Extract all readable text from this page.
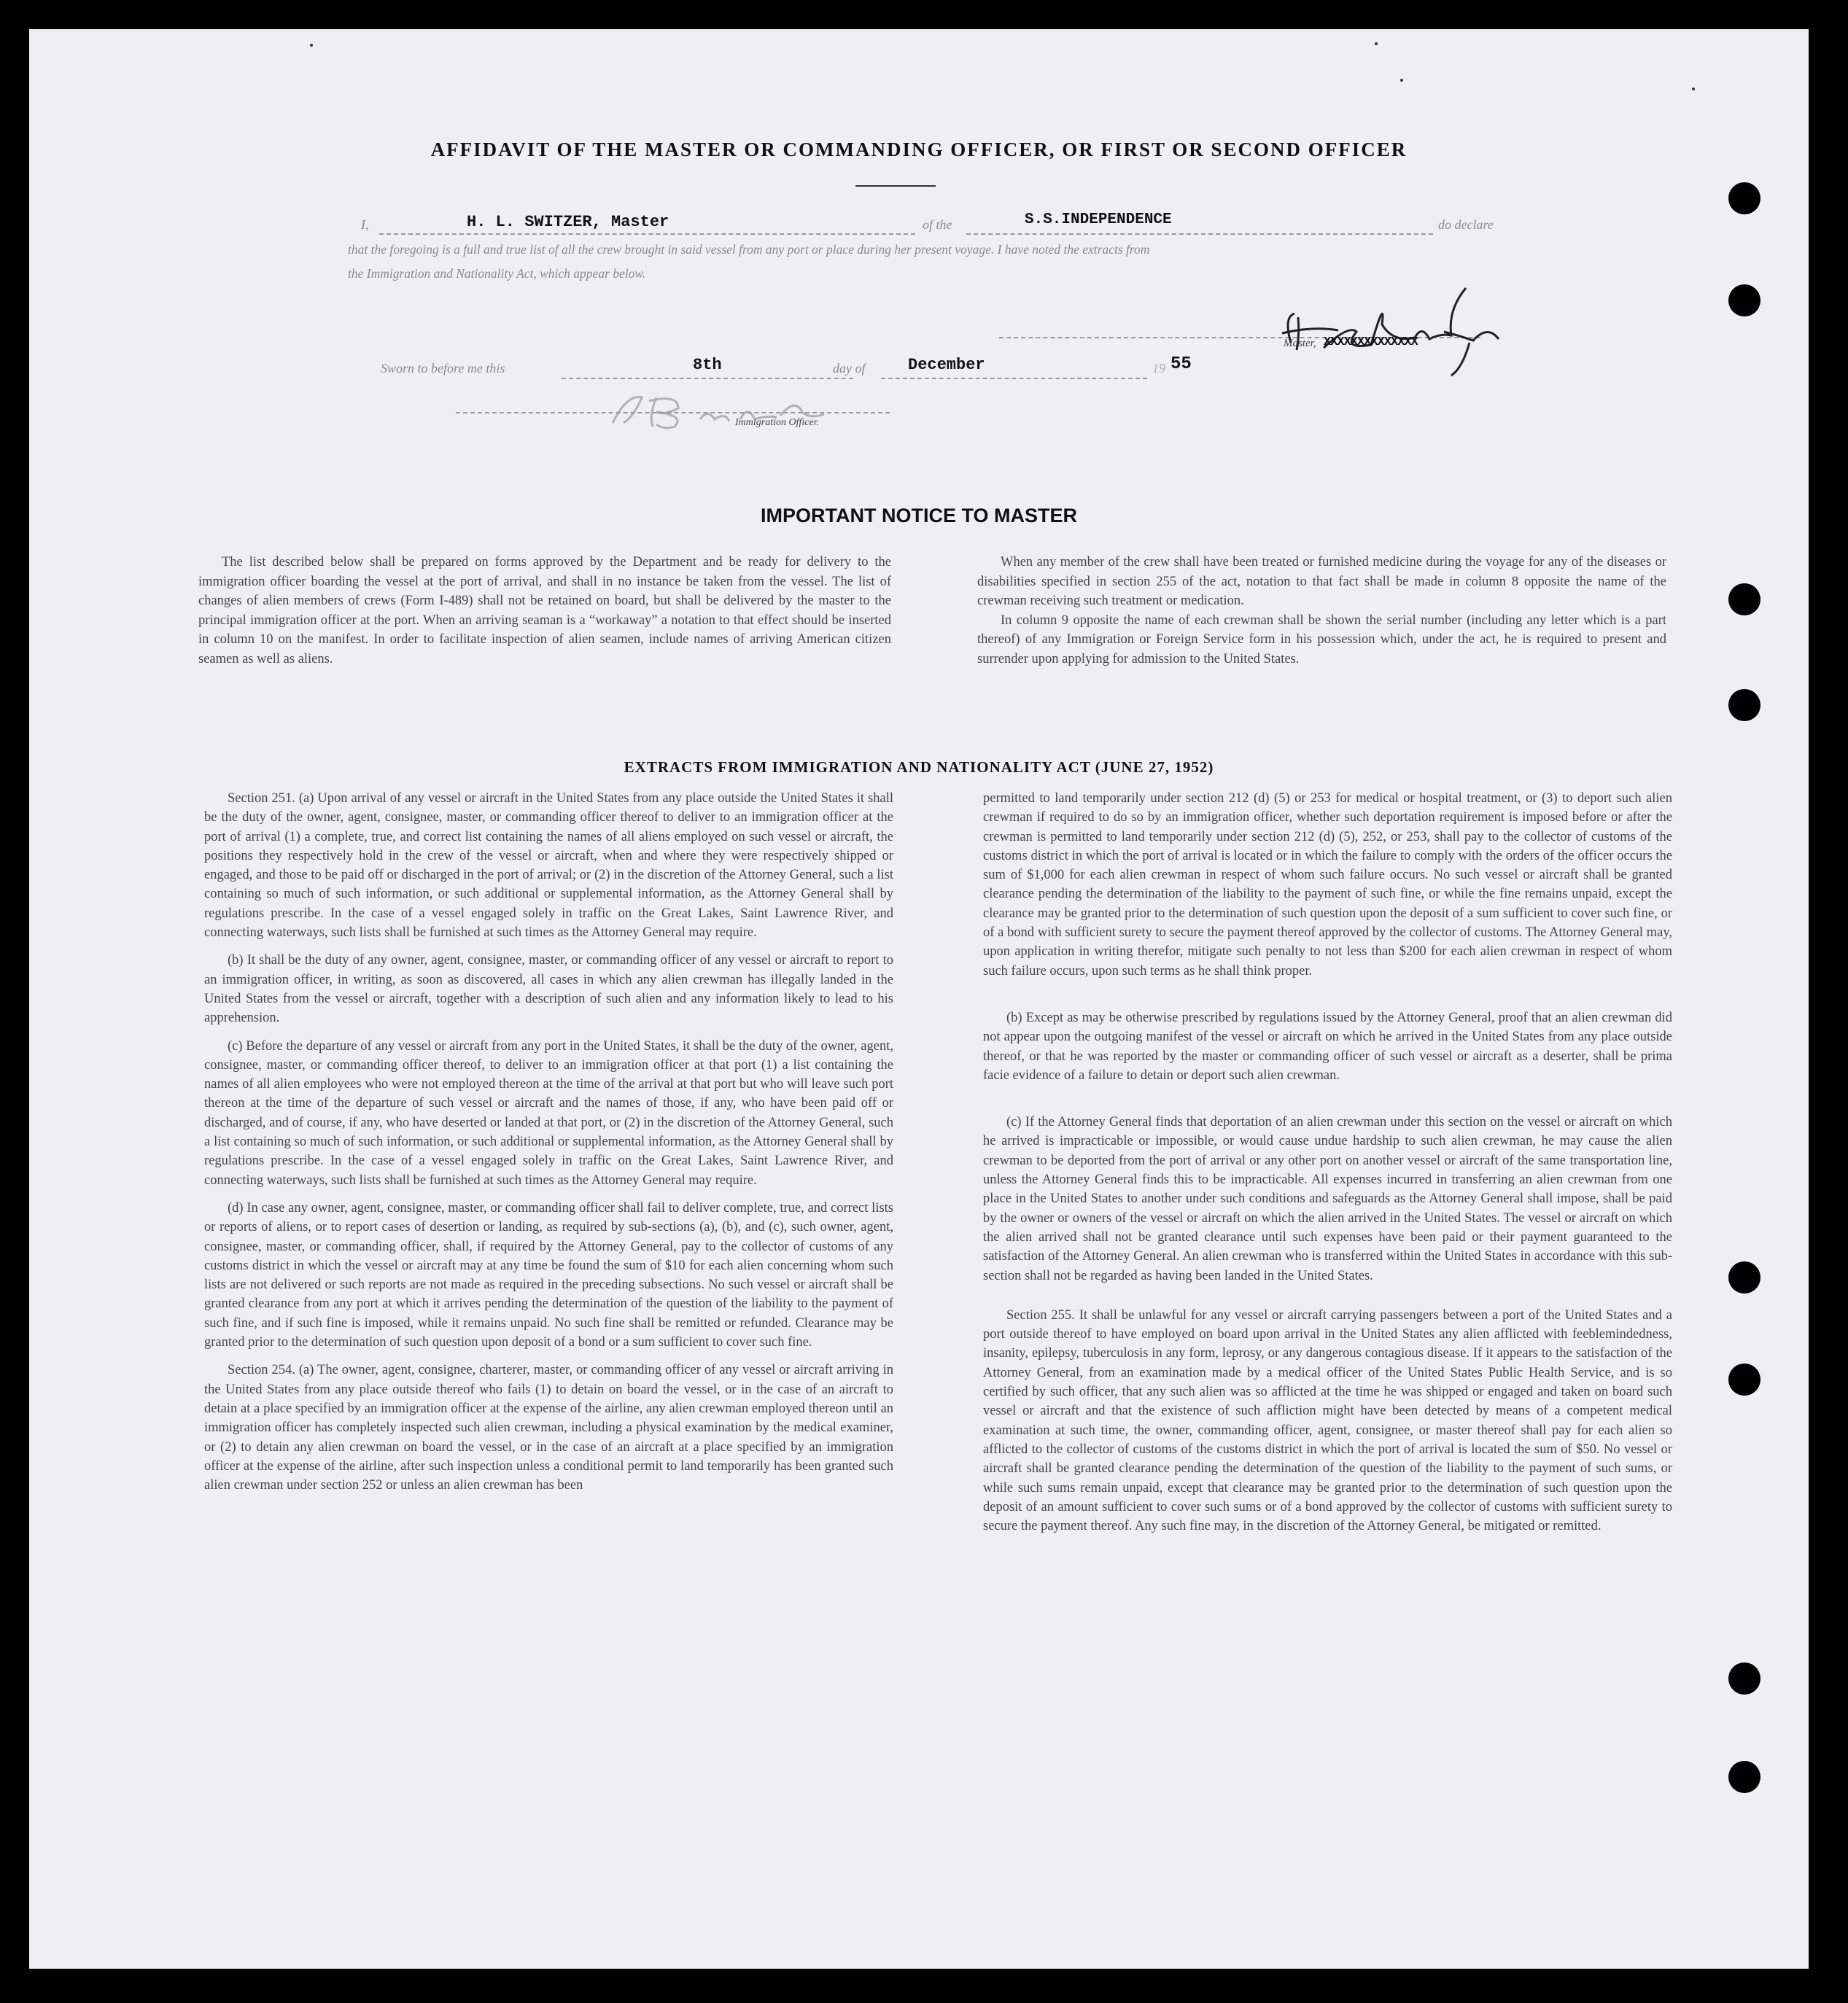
AFFIDAVIT OF THE MASTER OR COMMANDING OFFICER, OR FIRST OR SECOND OFFICER
I,	H. L. SWITZER, Master	of the	S.S.INDEPENDENCE	do declare
that the foregoing is a full and true list of all the crew brought in said vessel from any port or place during her present voyage. I have noted the extracts from
the Immigration and Nationality Act, which appear below.
Master, XXXXXXXXXXXXXX
Sworn to before me this	8th	day of	December	19 55
Immigration Officer.
IMPORTANT NOTICE TO MASTER

The list described below shall be prepared on forms approved by the Department and be ready for delivery to the immigration officer boarding the vessel at the port of arrival, and shall in no instance be taken from the vessel. The list of changes of alien members of crews (Form I-489) shall not be retained on board, but shall be delivered by the master to the principal immigration officer at the port. When an arriving seaman is a “workaway” a notation to that effect should be inserted in column 10 on the manifest. In order to facilitate inspection of alien seamen, include names of arriving American citizen seamen as well as aliens.

When any member of the crew shall have been treated or furnished medicine during the voyage for any of the diseases or disabilities specified in section 255 of the act, notation to that fact shall be made in column 8 opposite the name of the crewman receiving such treatment or medication.

In column 9 opposite the name of each crewman shall be shown the serial number (including any letter which is a part thereof) of any Immigration or Foreign Service form in his possession which, under the act, he is required to present and surrender upon applying for admission to the United States.

EXTRACTS FROM IMMIGRATION AND NATIONALITY ACT (JUNE 27, 1952)

Section 251. (a) Upon arrival of any vessel or aircraft in the United States from any place outside the United States it shall be the duty of the owner, agent, consignee, master, or commanding officer thereof to deliver to an immigration officer at the port of arrival (1) a complete, true, and correct list containing the names of all aliens employed on such vessel or aircraft, the positions they respectively hold in the crew of the vessel or aircraft, when and where they were respectively shipped or engaged, and those to be paid off or discharged in the port of arrival; or (2) in the discretion of the Attorney General, such a list containing so much of such information, or such additional or supplemental information, as the Attorney General shall by regulations prescribe. In the case of a vessel engaged solely in traffic on the Great Lakes, Saint Lawrence River, and connecting waterways, such lists shall be furnished at such times as the Attorney General may require.

(b) It shall be the duty of any owner, agent, consignee, master, or commanding officer of any vessel or aircraft to report to an immigration officer, in writing, as soon as discovered, all cases in which any alien crewman has illegally landed in the United States from the vessel or aircraft, together with a description of such alien and any information likely to lead to his apprehension.

(c) Before the departure of any vessel or aircraft from any port in the United States, it shall be the duty of the owner, agent, consignee, master, or commanding officer thereof, to deliver to an immigration officer at that port (1) a list containing the names of all alien employees who were not employed thereon at the time of the arrival at that port but who will leave such port thereon at the time of the departure of such vessel or aircraft and the names of those, if any, who have been paid off or discharged, and of course, if any, who have deserted or landed at that port, or (2) in the discretion of the Attorney General, such a list containing so much of such information, or such additional or supplemental information, as the Attorney General shall by regulations prescribe. In the case of a vessel engaged solely in traffic on the Great Lakes, Saint Lawrence River, and connecting waterways, such lists shall be furnished at such times as the Attorney General may require.

(d) In case any owner, agent, consignee, master, or commanding officer shall fail to deliver complete, true, and correct lists or reports of aliens, or to report cases of desertion or landing, as required by sub-sections (a), (b), and (c), such owner, agent, consignee, master, or commanding officer, shall, if required by the Attorney General, pay to the collector of customs of any customs district in which the vessel or aircraft may at any time be found the sum of $10 for each alien concerning whom such lists are not delivered or such reports are not made as required in the preceding subsections. No such vessel or aircraft shall be granted clearance from any port at which it arrives pending the determination of the question of the liability to the payment of such fine, and if such fine is imposed, while it remains unpaid. No such fine shall be remitted or refunded. Clearance may be granted prior to the determination of such question upon deposit of a bond or a sum sufficient to cover such fine.

Section 254. (a) The owner, agent, consignee, charterer, master, or commanding officer of any vessel or aircraft arriving in the United States from any place outside thereof who fails (1) to detain on board the vessel, or in the case of an aircraft to detain at a place specified by an immigration officer at the expense of the airline, any alien crewman employed thereon until an immigration officer has completely inspected such alien crewman, including a physical examination by the medical examiner, or (2) to detain any alien crewman on board the vessel, or in the case of an aircraft at a place specified by an immigration officer at the expense of the airline, after such inspection unless a conditional permit to land temporarily has been granted such alien crewman under section 252 or unless an alien crewman has been

permitted to land temporarily under section 212 (d) (5) or 253 for medical or hospital treatment, or (3) to deport such alien crewman if required to do so by an immigration officer, whether such deportation requirement is imposed before or after the crewman is permitted to land temporarily under section 212 (d) (5), 252, or 253, shall pay to the collector of customs of the customs district in which the port of arrival is located or in which the failure to comply with the orders of the officer occurs the sum of $1,000 for each alien crewman in respect of whom such failure occurs. No such vessel or aircraft shall be granted clearance pending the determination of the liability to the payment of such fine, or while the fine remains unpaid, except the clearance may be granted prior to the determination of such question upon the deposit of a sum sufficient to cover such fine, or of a bond with sufficient surety to secure the payment thereof approved by the collector of customs. The Attorney General may, upon application in writing therefor, mitigate such penalty to not less than $200 for each alien crewman in respect of whom such failure occurs, upon such terms as he shall think proper.

(b) Except as may be otherwise prescribed by regulations issued by the Attorney General, proof that an alien crewman did not appear upon the outgoing manifest of the vessel or aircraft on which he arrived in the United States from any place outside thereof, or that he was reported by the master or commanding officer of such vessel or aircraft as a deserter, shall be prima facie evidence of a failure to detain or deport such alien crewman.

(c) If the Attorney General finds that deportation of an alien crewman under this section on the vessel or aircraft on which he arrived is impracticable or impossible, or would cause undue hardship to such alien crewman, he may cause the alien crewman to be deported from the port of arrival or any other port on another vessel or aircraft of the same transportation line, unless the Attorney General finds this to be impracticable. All expenses incurred in transferring an alien crewman from one place in the United States to another under such conditions and safeguards as the Attorney General shall impose, shall be paid by the owner or owners of the vessel or aircraft on which the alien arrived in the United States. The vessel or aircraft on which the alien arrived shall not be granted clearance until such expenses have been paid or their payment guaranteed to the satisfaction of the Attorney General. An alien crewman who is transferred within the United States in accordance with this sub-section shall not be regarded as having been landed in the United States.

Section 255. It shall be unlawful for any vessel or aircraft carrying passengers between a port of the United States and a port outside thereof to have employed on board upon arrival in the United States any alien afflicted with feeblemindedness, insanity, epilepsy, tuberculosis in any form, leprosy, or any dangerous contagious disease. If it appears to the satisfaction of the Attorney General, from an examination made by a medical officer of the United States Public Health Service, and is so certified by such officer, that any such alien was so afflicted at the time he was shipped or engaged and taken on board such vessel or aircraft and that the existence of such affliction might have been detected by means of a competent medical examination at such time, the owner, commanding officer, agent, consignee, or master thereof shall pay for each alien so afflicted to the collector of customs of the customs district in which the port of arrival is located the sum of $50. No vessel or aircraft shall be granted clearance pending the determination of the question of the liability to the payment of such sums, or while such sums remain unpaid, except that clearance may be granted prior to the determination of such question upon the deposit of an amount sufficient to cover such sums or of a bond approved by the collector of customs with sufficient surety to secure the payment thereof. Any such fine may, in the discretion of the Attorney General, be mitigated or remitted.
